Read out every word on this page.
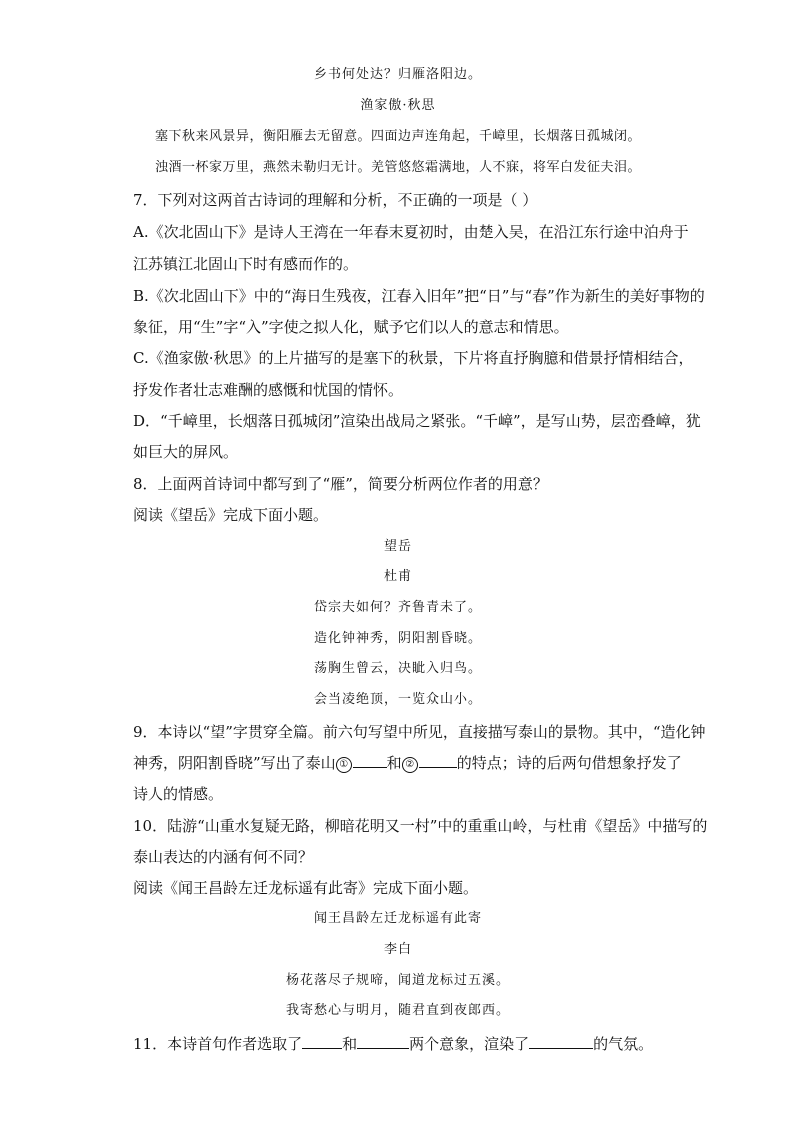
乡书何处达？归雁洛阳边。
渔家傲·秋思
塞下秋来风景异，衡阳雁去无留意。四面边声连角起，千嶂里，长烟落日孤城闭。
浊酒一杯家万里，燕然未勒归无计。羌管悠悠霜满地，人不寐，将军白发征夫泪。
7．下列对这两首古诗词的理解和分析，不正确的一项是（ ）
A.《次北固山下》是诗人王湾在一年春末夏初时，由楚入吴，在沿江东行途中泊舟于
江苏镇江北固山下时有感而作的。
B.《次北固山下》中的“海日生残夜，江春入旧年”把“日”与“春”作为新生的美好事物的
象征，用“生”字“入”字使之拟人化，赋予它们以人的意志和情思。
C.《渔家傲·秋思》的上片描写的是塞下的秋景，下片将直抒胸臆和借景抒情相结合，
抒发作者壮志难酬的感慨和忧国的情怀。
D．“千嶂里，长烟落日孤城闭”渲染出战局之紧张。“千嶂”，是写山势，层峦叠嶂，犹
如巨大的屏风。
8．上面两首诗词中都写到了“雁”，简要分析两位作者的用意？
阅读《望岳》完成下面小题。
望岳
杜甫
岱宗夫如何？齐鲁青未了。
造化钟神秀，阴阳割昏晓。
荡胸生曾云，决眦入归鸟。
会当凌绝顶，一览众山小。
9．本诗以“望”字贯穿全篇。前六句写望中所见，直接描写泰山的景物。其中，“造化钟
神秀，阴阳割昏晓”写出了泰山 ①	和 ②	的特点；诗的后两句借想象抒发了
诗人的情感。
10．陆游“山重水复疑无路，柳暗花明又一村”中的重重山岭，与杜甫《望岳》中描写的
泰山表达的内涵有何不同？
阅读《闻王昌龄左迁龙标遥有此寄》完成下面小题。
闻王昌龄左迁龙标遥有此寄
李白
杨花落尽子规啼，闻道龙标过五溪。
我寄愁心与明月，随君直到夜郎西。
11．本诗首句作者选取了	和	两个意象，渲染了	的气氛。
